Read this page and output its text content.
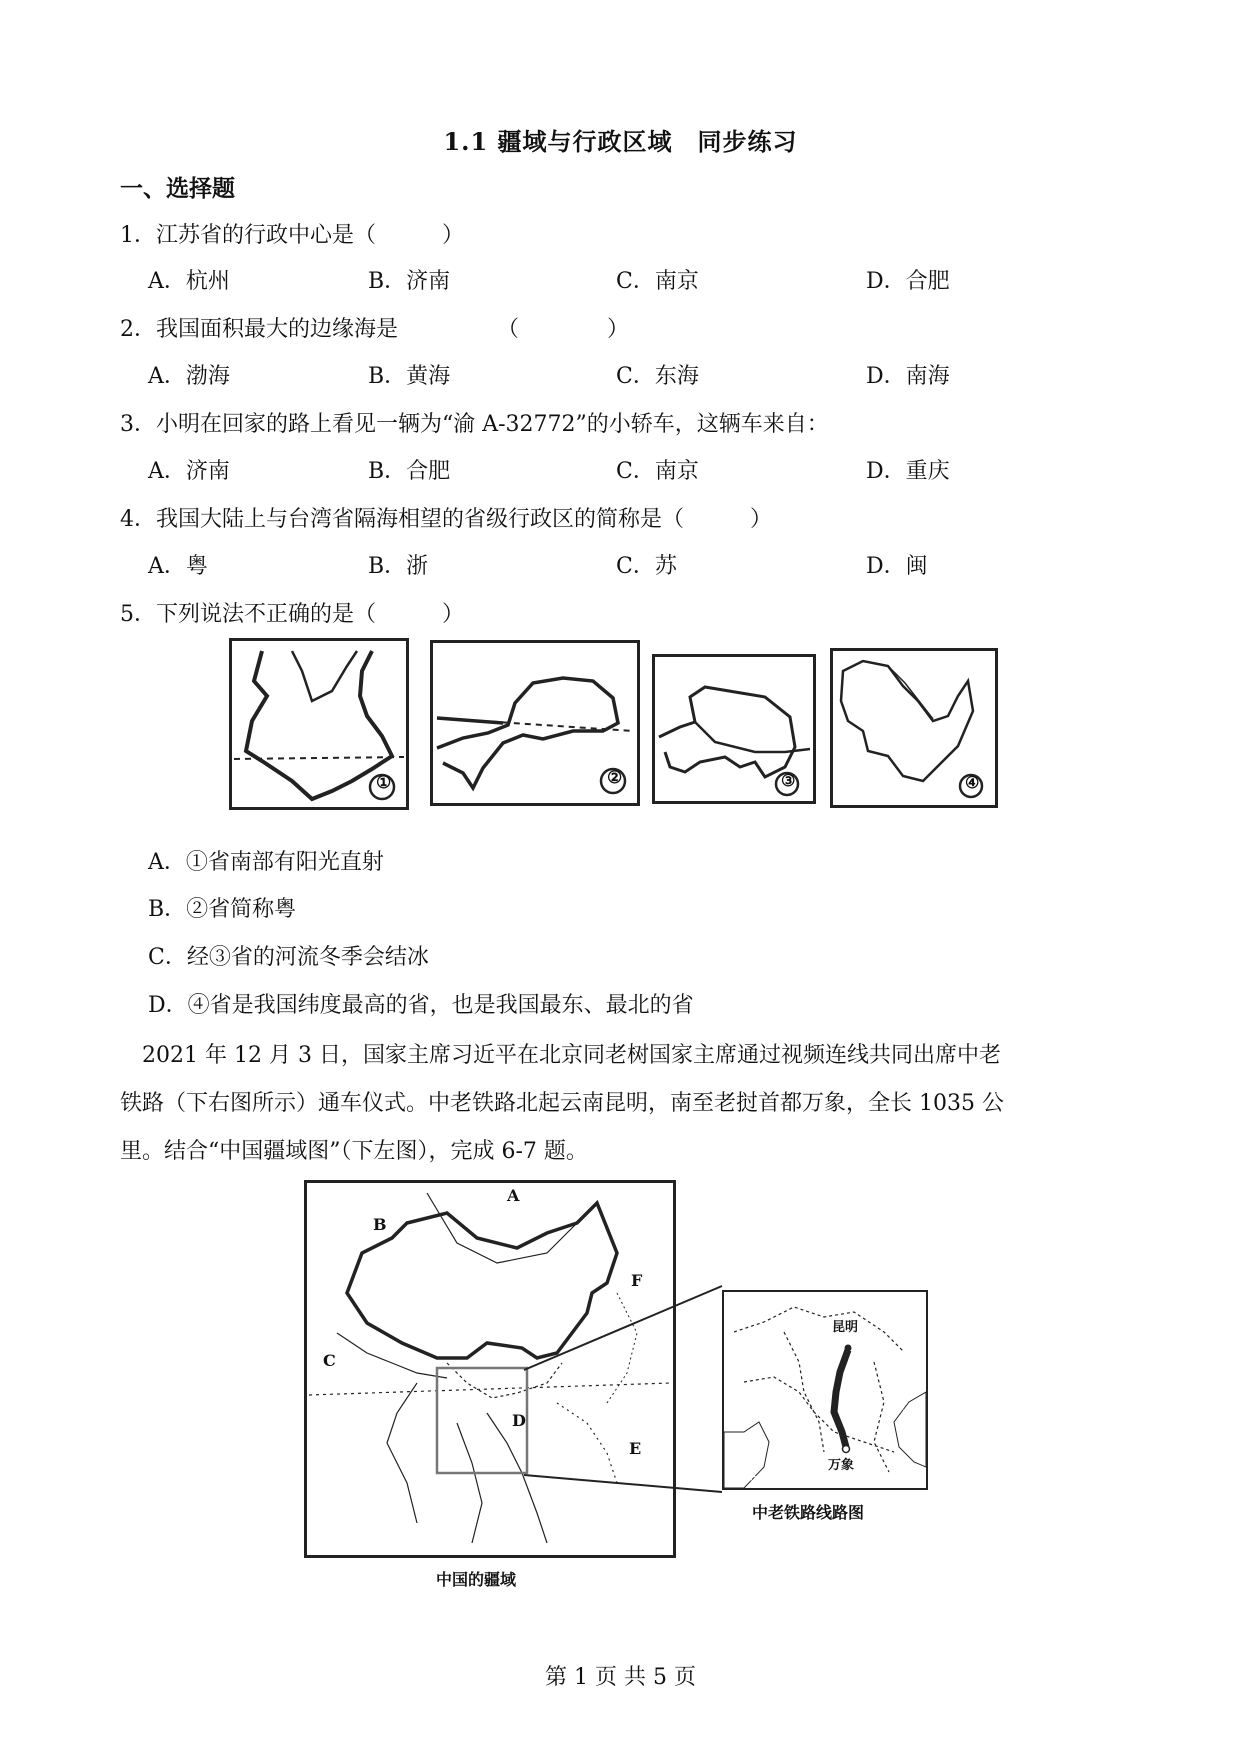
1.1 疆域与行政区域　同步练习
一、选择题
1．江苏省的行政中心是（　　　）
A．杭州	B．济南	C．南京	D．合肥
2．我国面积最大的边缘海是　　　　　（　　　　）
A．渤海	B．黄海	C．东海	D．南海
3．小明在回家的路上看见一辆为“渝 A-32772”的小轿车，这辆车来自：
A．济南	B．合肥	C．南京	D．重庆
4．我国大陆上与台湾省隔海相望的省级行政区的简称是（　　　）
A．粤	B．浙	C．苏	D．闽
5．下列说法不正确的是（　　　）
①	②	③	④
A．①省南部有阳光直射
B．②省简称粤
C．经③省的河流冬季会结冰
D．④省是我国纬度最高的省，也是我国最东、最北的省
　2021 年 12 月 3 日，国家主席习近平在北京同老树国家主席通过视频连线共同出席中老
铁路（下右图所示）通车仪式。中老铁路北起云南昆明，南至老挝首都万象，全长 1035 公
里。结合“中国疆域图”（下左图），完成 6-7 题。
A
B
C
D
E
F
中国的疆域
昆明
万象
海洋
海洋
中老铁路线路图
第 1 页 共 5 页
